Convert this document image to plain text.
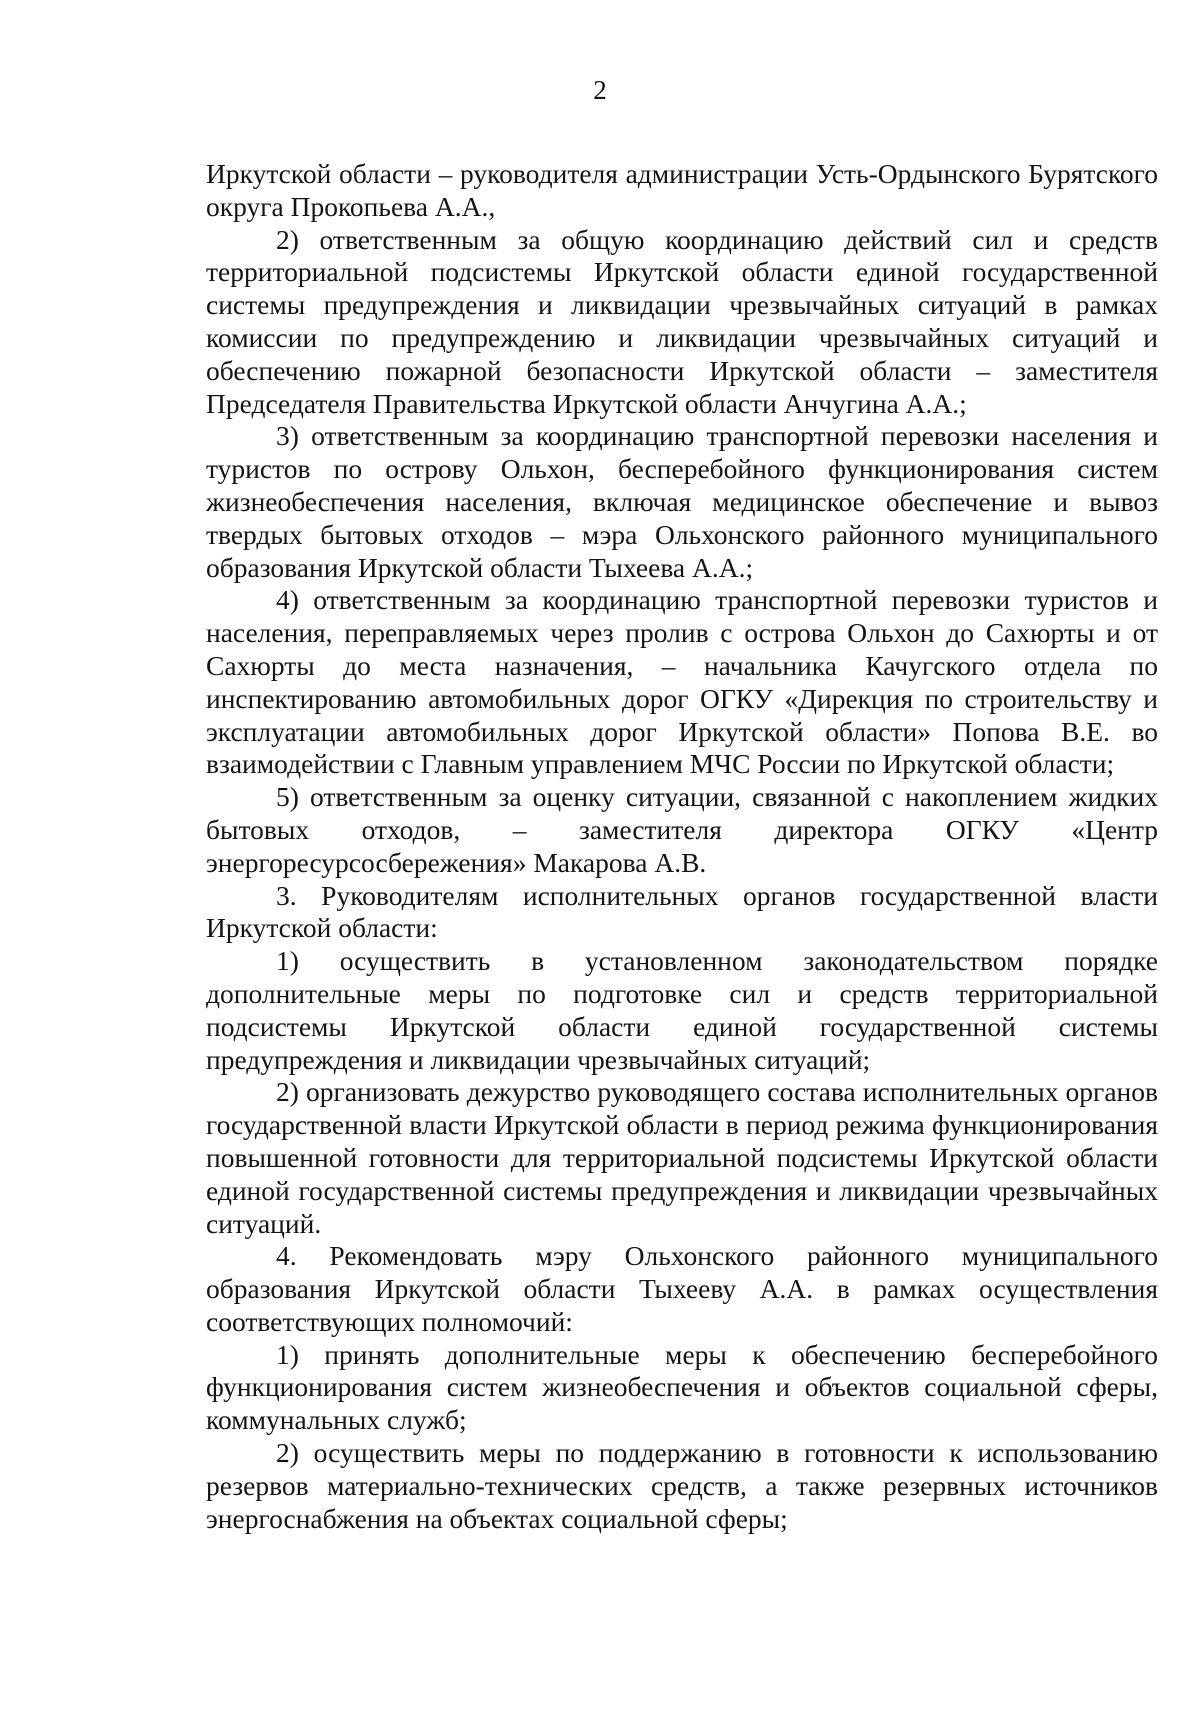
2

Иркутской области – руководителя администрации Усть-Ордынского Бурятского округа Прокопьева А.А.,

2) ответственным за общую координацию действий сил и средств территориальной подсистемы Иркутской области единой государственной системы предупреждения и ликвидации чрезвычайных ситуаций в рамках комиссии по предупреждению и ликвидации чрезвычайных ситуаций и обеспечению пожарной безопасности Иркутской области – заместителя Председателя Правительства Иркутской области Анчугина А.А.;

3) ответственным за координацию транспортной перевозки населения и туристов по острову Ольхон, бесперебойного функционирования систем жизнеобеспечения населения, включая медицинское обеспечение и вывоз твердых бытовых отходов – мэра Ольхонского районного муниципального образования Иркутской области Тыхеева А.А.;

4) ответственным за координацию транспортной перевозки туристов и населения, переправляемых через пролив с острова Ольхон до Сахюрты и от Сахюрты до места назначения, – начальника Качугского отдела по инспектированию автомобильных дорог ОГКУ «Дирекция по строительству и эксплуатации автомобильных дорог Иркутской области» Попова В.Е. во взаимодействии с Главным управлением МЧС России по Иркутской области;

5) ответственным за оценку ситуации, связанной с накоплением жидких бытовых отходов, – заместителя директора ОГКУ «Центр энергоресурсосбережения» Макарова А.В.

3. Руководителям исполнительных органов государственной власти Иркутской области:

1) осуществить в установленном законодательством порядке дополнительные меры по подготовке сил и средств территориальной подсистемы Иркутской области единой государственной системы предупреждения и ликвидации чрезвычайных ситуаций;

2) организовать дежурство руководящего состава исполнительных органов государственной власти Иркутской области в период режима функционирования повышенной готовности для территориальной подсистемы Иркутской области единой государственной системы предупреждения и ликвидации чрезвычайных ситуаций.

4. Рекомендовать мэру Ольхонского районного муниципального образования Иркутской области Тыхееву А.А. в рамках осуществления соответствующих полномочий:

1) принять дополнительные меры к обеспечению бесперебойного функционирования систем жизнеобеспечения и объектов социальной сферы, коммунальных служб;

2) осуществить меры по поддержанию в готовности к использованию резервов материально-технических средств, а также резервных источников энергоснабжения на объектах социальной сферы;
